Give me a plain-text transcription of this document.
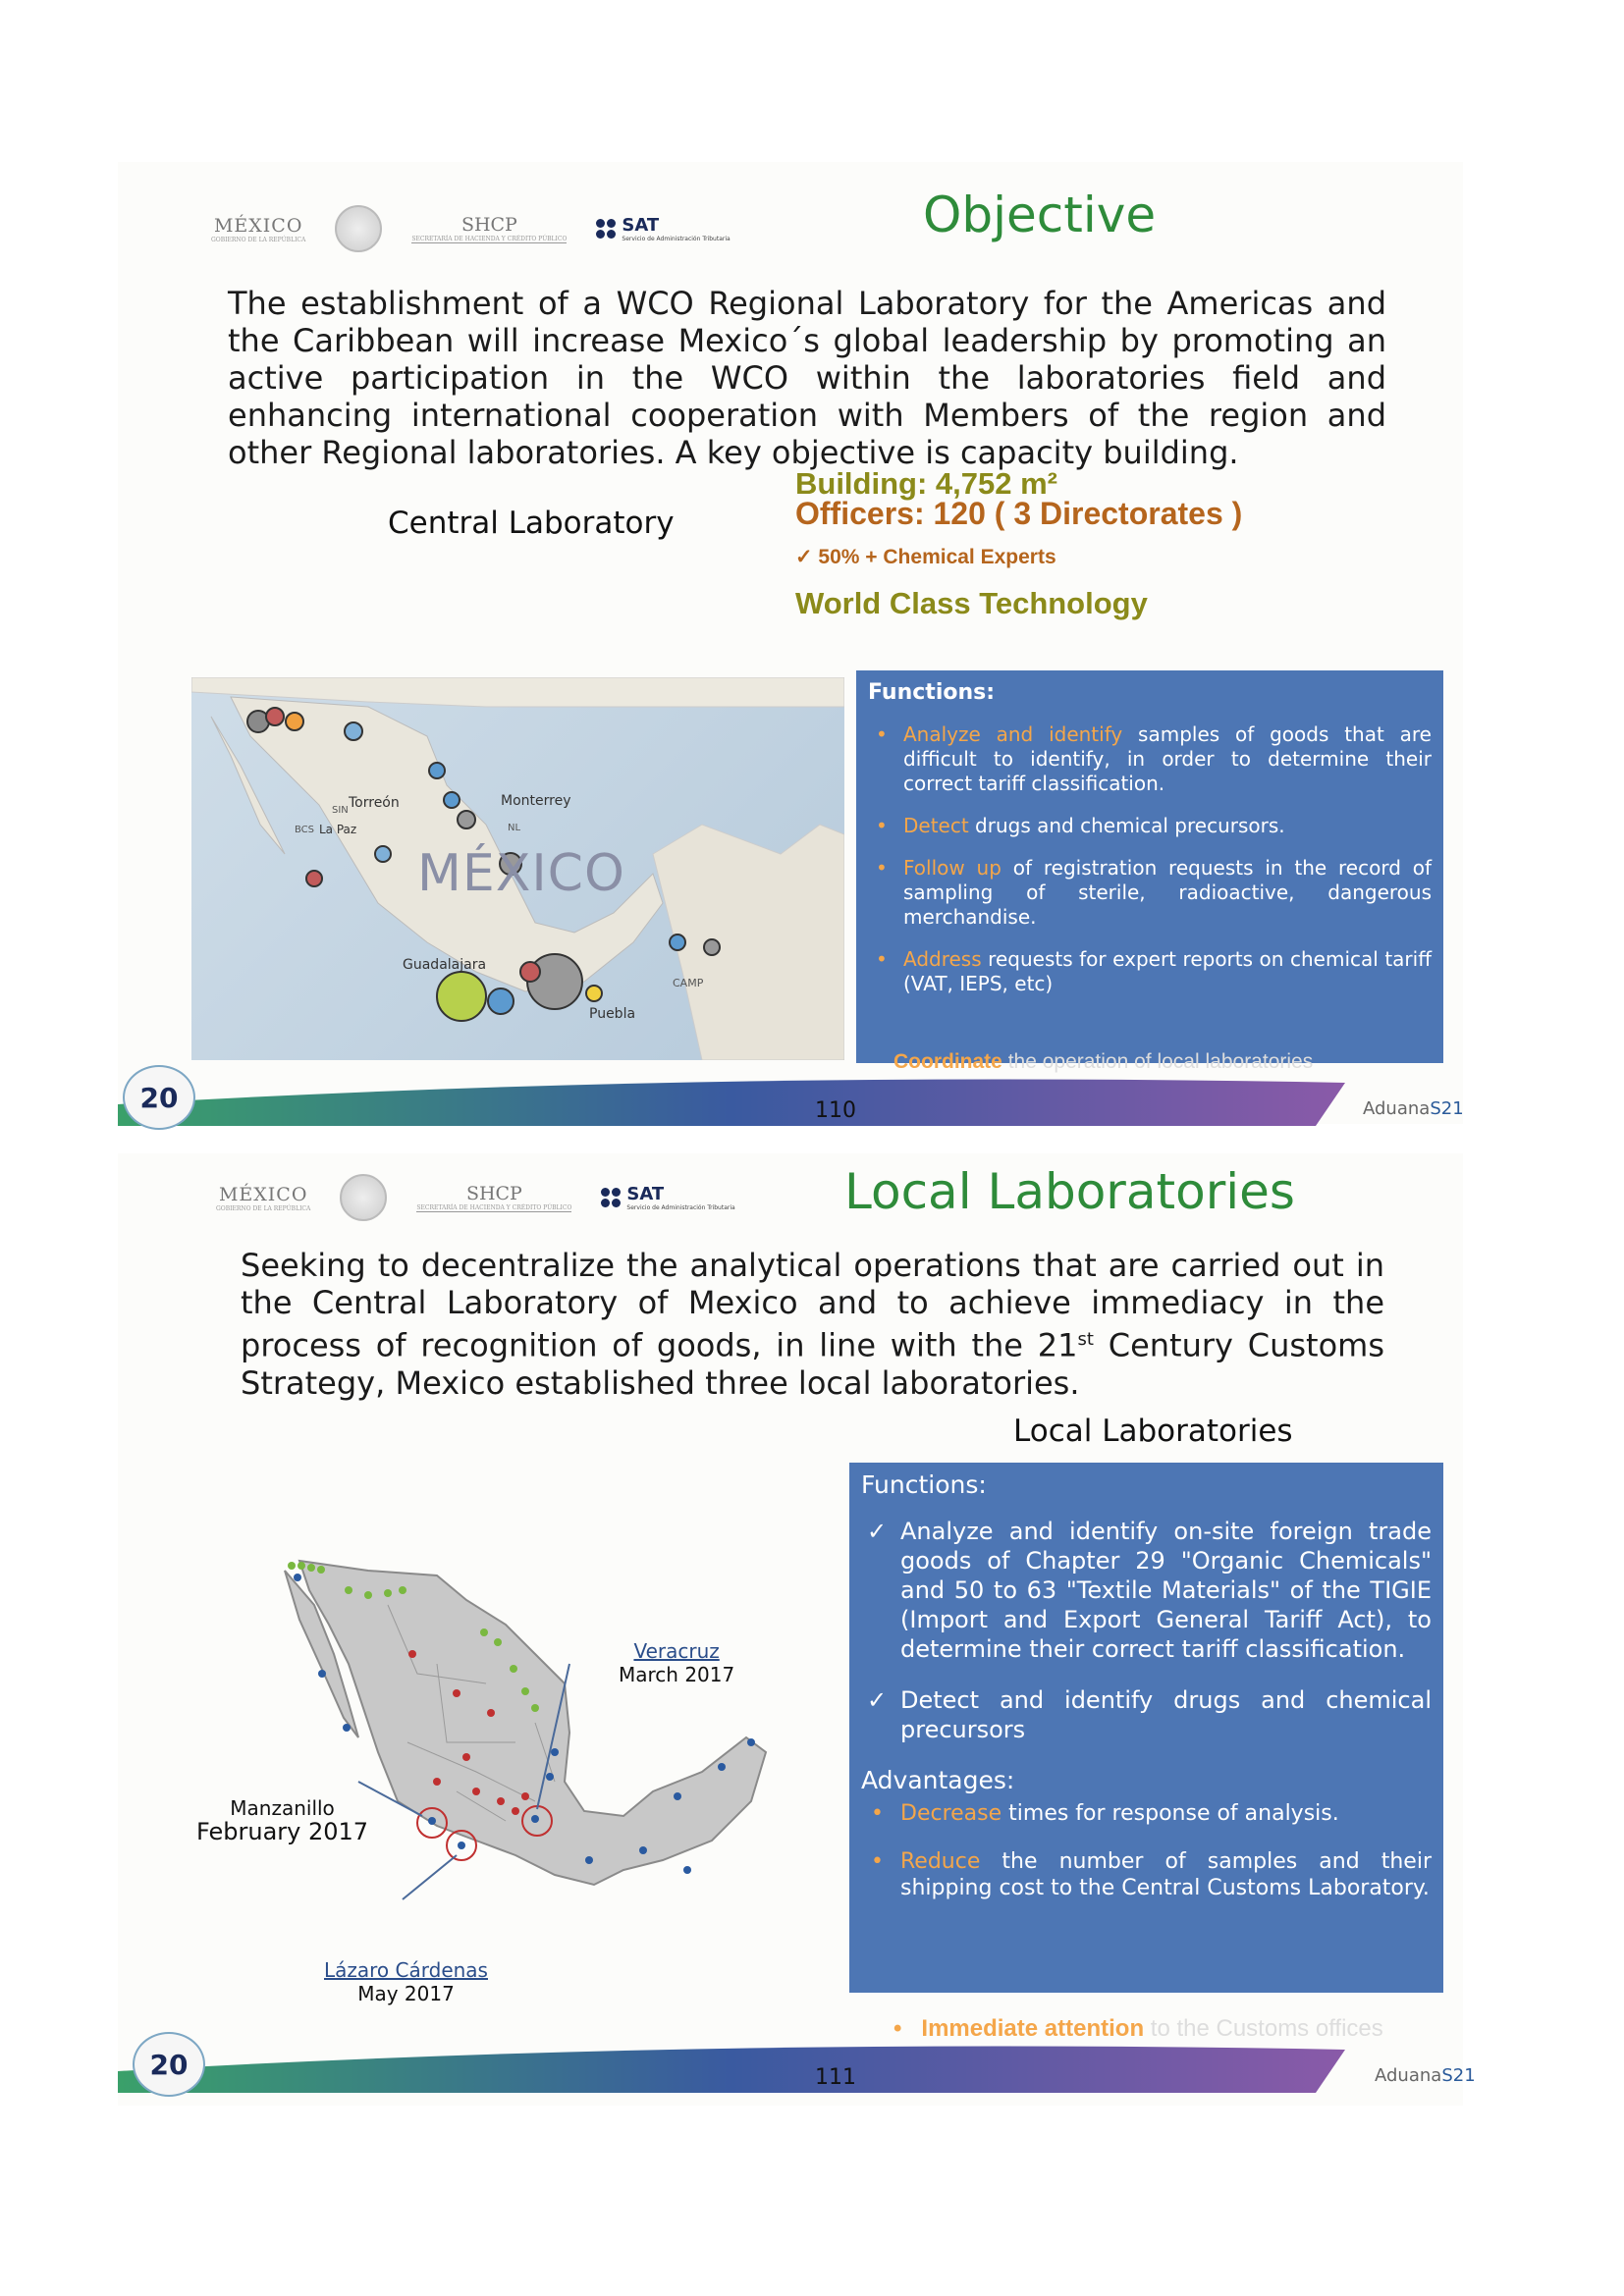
MÉXICO
GOBIERNO DE LA REPÚBLICA
SHCP
SECRETARÍA DE HACIENDA Y CRÉDITO PÚBLICO
SAT
Servicio de Administración Tributaria	Objective
The establishment of a WCO Regional Laboratory for the Americas and the Caribbean will increase Mexico´s global leadership by promoting an active participation in the WCO within the laboratories field and enhancing international cooperation with Members of the region and other Regional laboratories. A key objective is capacity building.
Central Laboratory
Building: 4,752 m²
Officers: 120 ( 3 Directorates )
✓ 50% + Chemical Experts
World Class Technology
Torreón	Monterrey
SIN
NL
BCS La Paz
MÉXICO
Guadalajara
Puebla
CAMP
Functions:
• Analyze and identify samples of goods that are difficult to identify, in order to determine their correct tariff classification.
• Detect drugs and chemical precursors.
• Follow up of registration requests in the record of sampling of sterile, radioactive, dangerous merchandise.
• Address requests for expert reports on chemical tariff (VAT, IEPS, etc)
Coordinate the operation of local laboratories
20	110	AduanaS21
MÉXICO
GOBIERNO DE LA REPÚBLICA
SHCP
SECRETARÍA DE HACIENDA Y CRÉDITO PÚBLICO
SAT
Servicio de Administración Tributaria Local Laboratories
Seeking to decentralize the analytical operations that are carried out in the Central Laboratory of Mexico and to achieve immediacy in the process of recognition of goods, in line with the 21st Century Customs Strategy, Mexico established three local laboratories.
Local Laboratories
Veracruz
March 2017
Manzanillo
February 2017
Lázaro Cárdenas
May 2017
Functions:
✓ Analyze and identify on-site foreign trade goods of Chapter 29 "Organic Chemicals" and 50 to 63 "Textile Materials" of the TIGIE (Import and Export General Tariff Act), to determine their correct tariff classification.
✓ Detect and identify drugs and chemical precursors
Advantages:
• Decrease times for response of analysis.
• Reduce the number of samples and their shipping cost to the Central Customs Laboratory.
•   Immediate attention to the Customs offices
20	111	AduanaS21
